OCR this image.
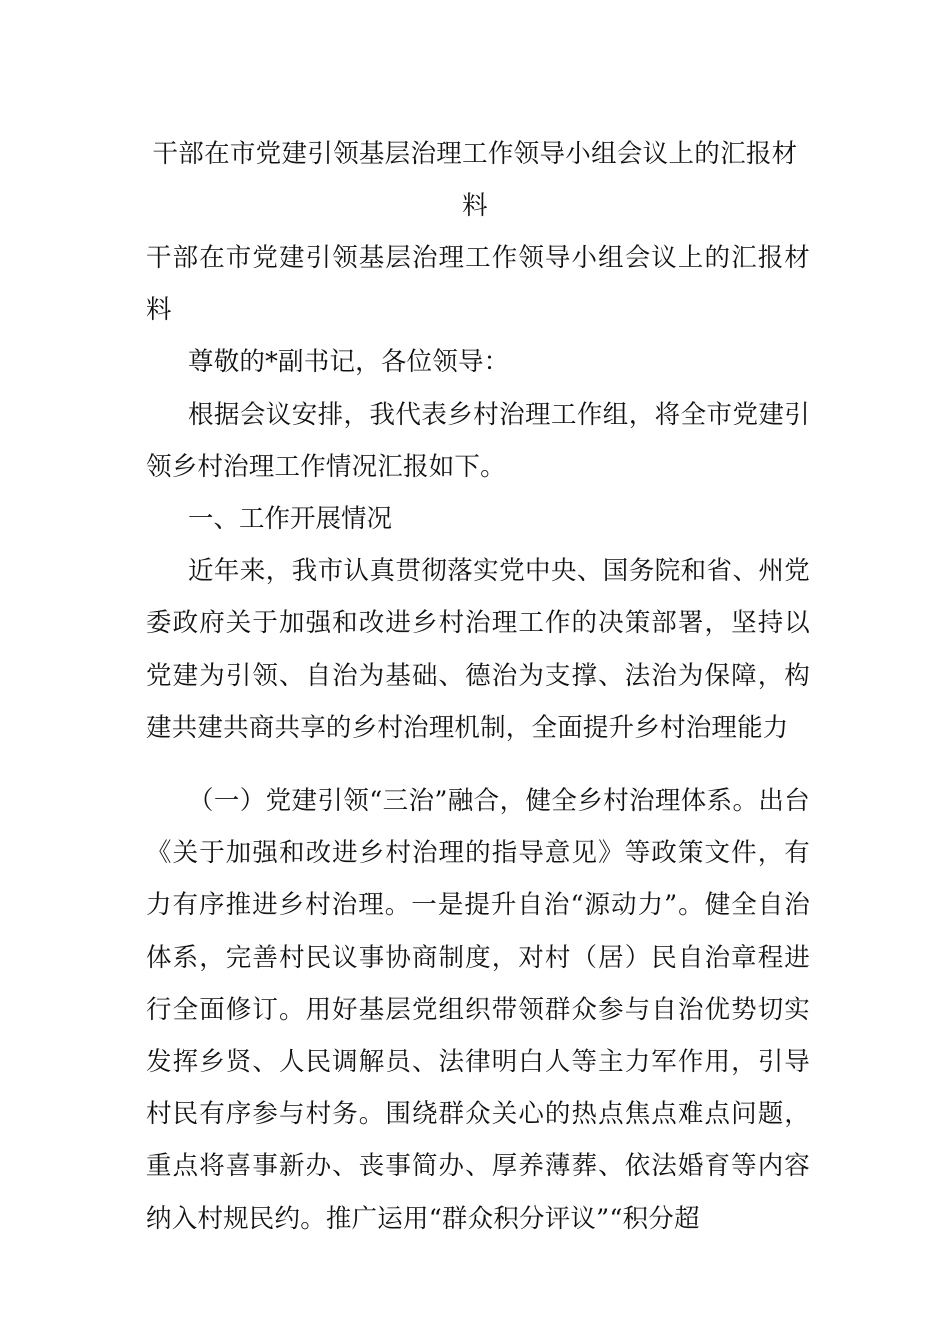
干部在市党建引领基层治理工作领导小组会议上的汇报材料

干部在市党建引领基层治理工作领导小组会议上的汇报材料

尊敬的*副书记，各位领导：

根据会议安排，我代表乡村治理工作组，将全市党建引领乡村治理工作情况汇报如下。

一、工作开展情况

近年来，我市认真贯彻落实党中央、国务院和省、州党委政府关于加强和改进乡村治理工作的决策部署，坚持以党建为引领、自治为基础、德治为支撑、法治为保障，构建共建共商共享的乡村治理机制，全面提升乡村治理能力

（一）党建引领“三治”融合，健全乡村治理体系。出台《关于加强和改进乡村治理的指导意见》等政策文件，有力有序推进乡村治理。一是提升自治“源动力”。健全自治体系，完善村民议事协商制度，对村（居）民自治章程进行全面修订。用好基层党组织带领群众参与自治优势切实发挥乡贤、人民调解员、法律明白人等主力军作用，引导村民有序参与村务。围绕群众关心的热点焦点难点问题，重点将喜事新办、丧事简办、厚养薄葬、依法婚育等内容纳入村规民约。推广运用“群众积分评议”“积分超
